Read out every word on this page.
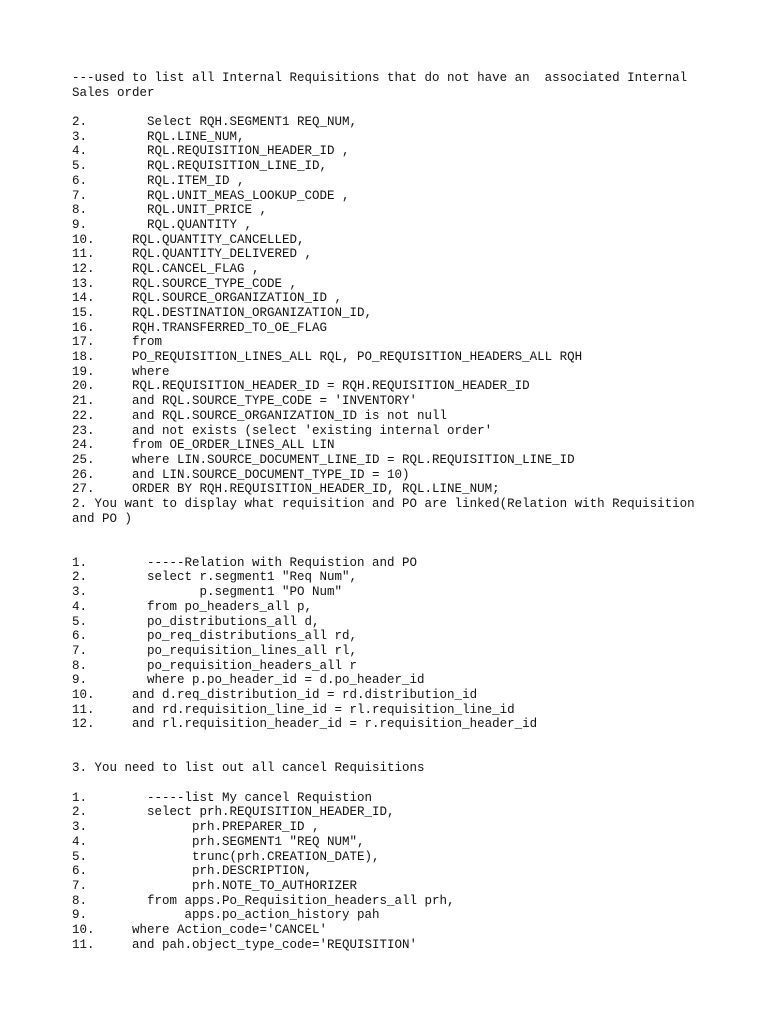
---used to list all Internal Requisitions that do not have an  associated Internal Sales order
2.        Select RQH.SEGMENT1 REQ_NUM,
3.        RQL.LINE_NUM,
4.        RQL.REQUISITION_HEADER_ID ,
5.        RQL.REQUISITION_LINE_ID,
6.        RQL.ITEM_ID ,
7.        RQL.UNIT_MEAS_LOOKUP_CODE ,
8.        RQL.UNIT_PRICE ,
9.        RQL.QUANTITY ,
10.     RQL.QUANTITY_CANCELLED,
11.     RQL.QUANTITY_DELIVERED ,
12.     RQL.CANCEL_FLAG ,
13.     RQL.SOURCE_TYPE_CODE ,
14.     RQL.SOURCE_ORGANIZATION_ID ,
15.     RQL.DESTINATION_ORGANIZATION_ID,
16.     RQH.TRANSFERRED_TO_OE_FLAG
17.     from
18.     PO_REQUISITION_LINES_ALL RQL, PO_REQUISITION_HEADERS_ALL RQH
19.     where
20.     RQL.REQUISITION_HEADER_ID = RQH.REQUISITION_HEADER_ID
21.     and RQL.SOURCE_TYPE_CODE = 'INVENTORY'
22.     and RQL.SOURCE_ORGANIZATION_ID is not null
23.     and not exists (select 'existing internal order'
24.     from OE_ORDER_LINES_ALL LIN
25.     where LIN.SOURCE_DOCUMENT_LINE_ID = RQL.REQUISITION_LINE_ID
26.     and LIN.SOURCE_DOCUMENT_TYPE_ID = 10)
27.     ORDER BY RQH.REQUISITION_HEADER_ID, RQL.LINE_NUM;
2. You want to display what requisition and PO are linked(Relation with Requisition and PO )
1.        -----Relation with Requistion and PO
2.        select r.segment1 "Req Num",
3.               p.segment1 "PO Num"
4.        from po_headers_all p,
5.        po_distributions_all d,
6.        po_req_distributions_all rd,
7.        po_requisition_lines_all rl,
8.        po_requisition_headers_all r
9.        where p.po_header_id = d.po_header_id
10.     and d.req_distribution_id = rd.distribution_id
11.     and rd.requisition_line_id = rl.requisition_line_id
12.     and rl.requisition_header_id = r.requisition_header_id
3. You need to list out all cancel Requisitions
1.        -----list My cancel Requistion
2.        select prh.REQUISITION_HEADER_ID,
3.              prh.PREPARER_ID ,
4.              prh.SEGMENT1 "REQ NUM",
5.              trunc(prh.CREATION_DATE),
6.              prh.DESCRIPTION,
7.              prh.NOTE_TO_AUTHORIZER
8.        from apps.Po_Requisition_headers_all prh,
9.             apps.po_action_history pah
10.     where Action_code='CANCEL'
11.     and pah.object_type_code='REQUISITION'
